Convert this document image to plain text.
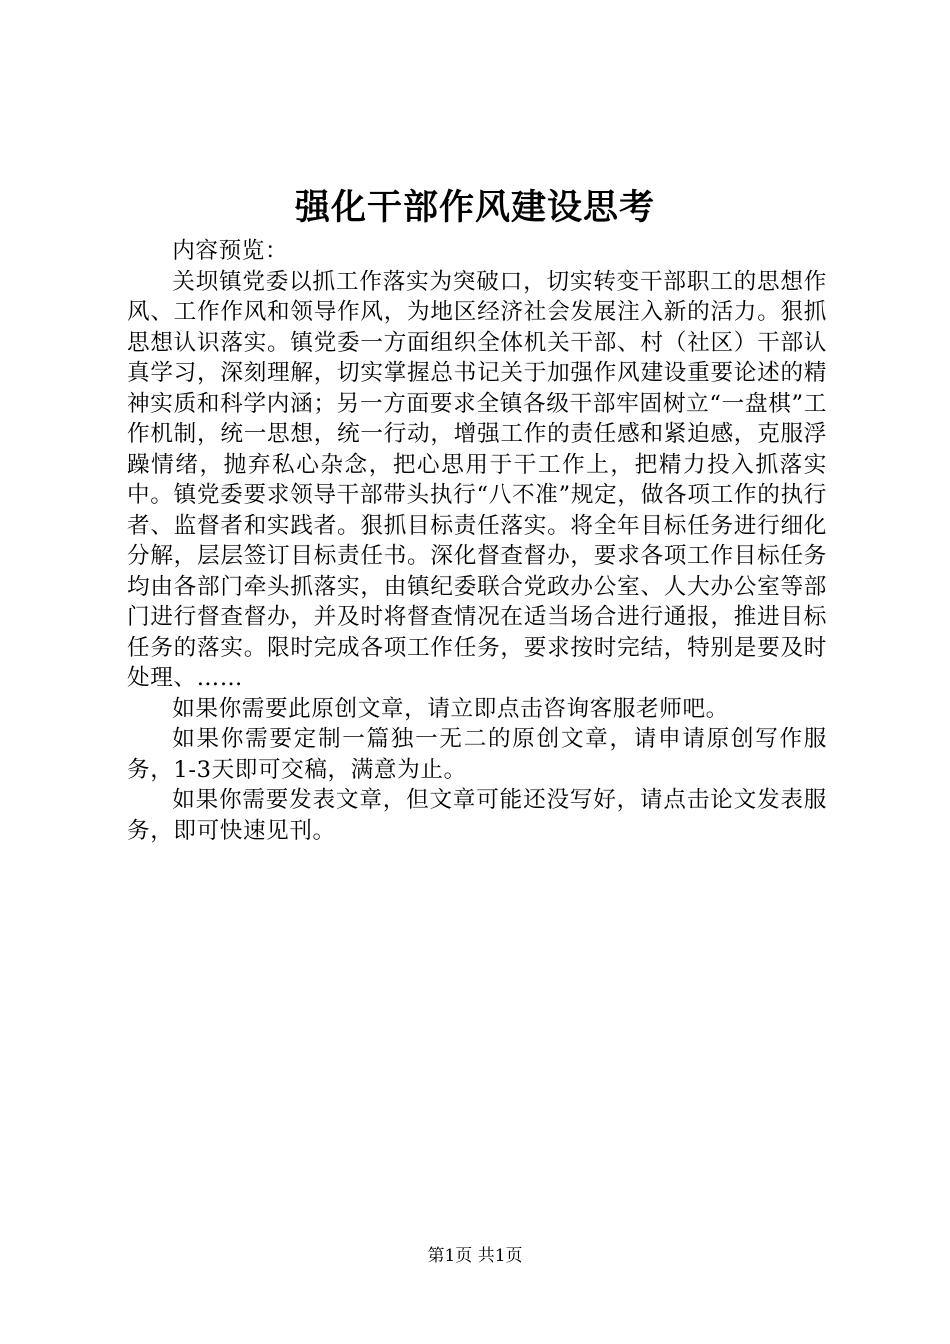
强化干部作风建设思考

内容预览：

关坝镇党委以抓工作落实为突破口，切实转变干部职工的思想作风、工作作风和领导作风，为地区经济社会发展注入新的活力。狠抓思想认识落实。镇党委一方面组织全体机关干部、村（社区）干部认真学习，深刻理解，切实掌握总书记关于加强作风建设重要论述的精神实质和科学内涵；另一方面要求全镇各级干部牢固树立“一盘棋”工作机制，统一思想，统一行动，增强工作的责任感和紧迫感，克服浮躁情绪，抛弃私心杂念，把心思用于干工作上，把精力投入抓落实中。镇党委要求领导干部带头执行“八不准”规定，做各项工作的执行者、监督者和实践者。狠抓目标责任落实。将全年目标任务进行细化分解，层层签订目标责任书。深化督查督办，要求各项工作目标任务均由各部门牵头抓落实，由镇纪委联合党政办公室、人大办公室等部门进行督查督办，并及时将督查情况在适当场合进行通报，推进目标任务的落实。限时完成各项工作任务，要求按时完结，特别是要及时处理、……

如果你需要此原创文章，请立即点击咨询客服老师吧。

如果你需要定制一篇独一无二的原创文章，请申请原创写作服务，1-3天即可交稿，满意为止。

如果你需要发表文章，但文章可能还没写好，请点击论文发表服务，即可快速见刊。

第1页 共1页
